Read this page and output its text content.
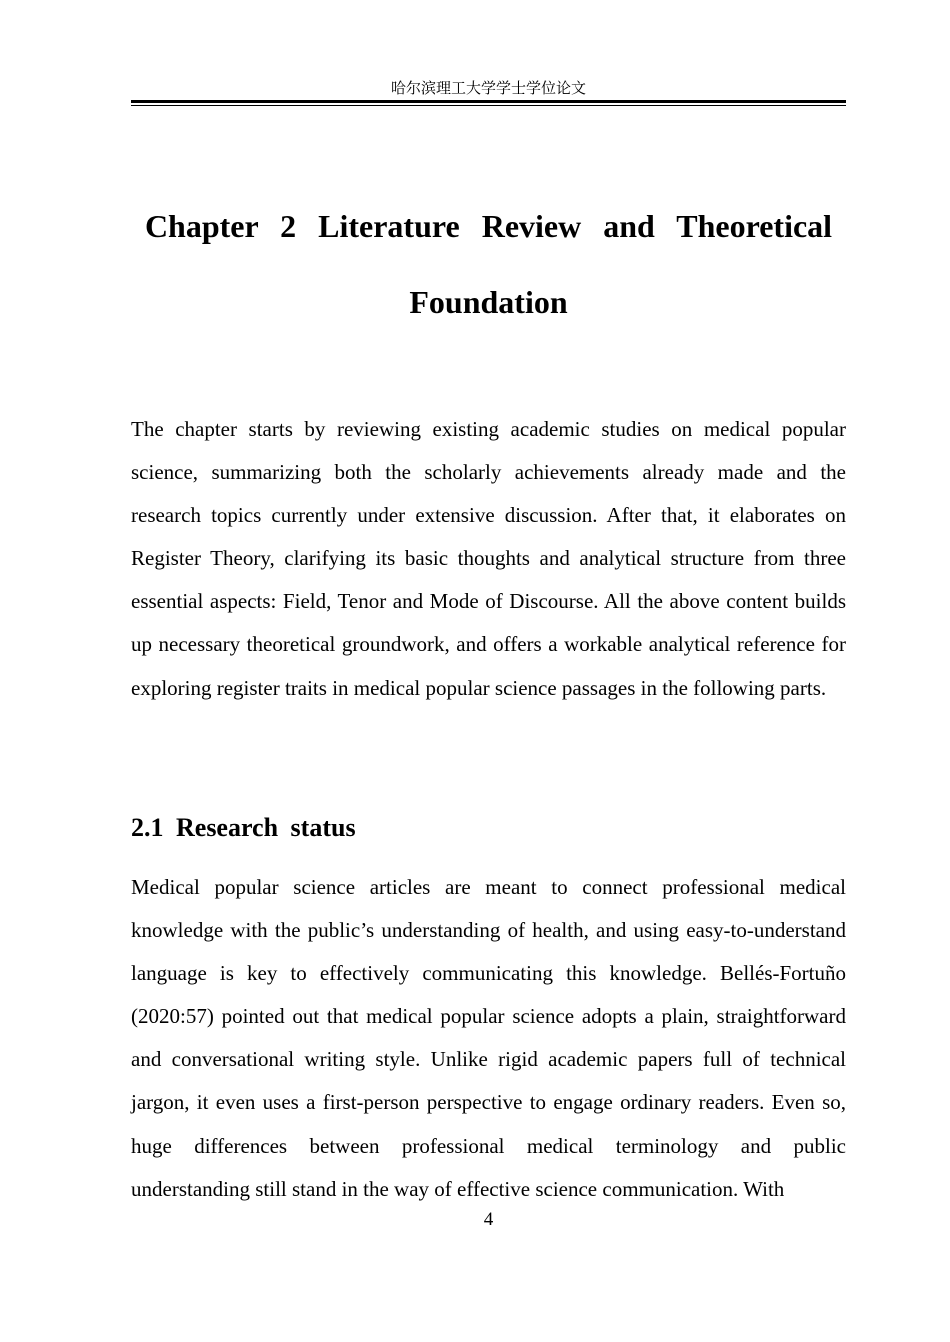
哈尔滨理工大学学士学位论文
Chapter 2 Literature Review and Theoretical
Foundation

The chapter starts by reviewing existing academic studies on medical popular science, summarizing both the scholarly achievements already made and the research topics currently under extensive discussion. After that, it elaborates on Register Theory, clarifying its basic thoughts and analytical structure from three essential aspects: Field, Tenor and Mode of Discourse. All the above content builds up necessary theoretical groundwork, and offers a workable analytical reference for exploring register traits in medical popular science passages in the following parts.

2.1 Research status

Medical popular science articles are meant to connect professional medical knowledge with the public’s understanding of health, and using easy-to-understand language is key to effectively communicating this knowledge. Bellés-Fortuño (2020:57) pointed out that medical popular science adopts a plain, straightforward and conversational writing style. Unlike rigid academic papers full of technical jargon, it even uses a first-person perspective to engage ordinary readers. Even so, huge differences between professional medical terminology and public understanding still stand in the way of effective science communication. With

4
